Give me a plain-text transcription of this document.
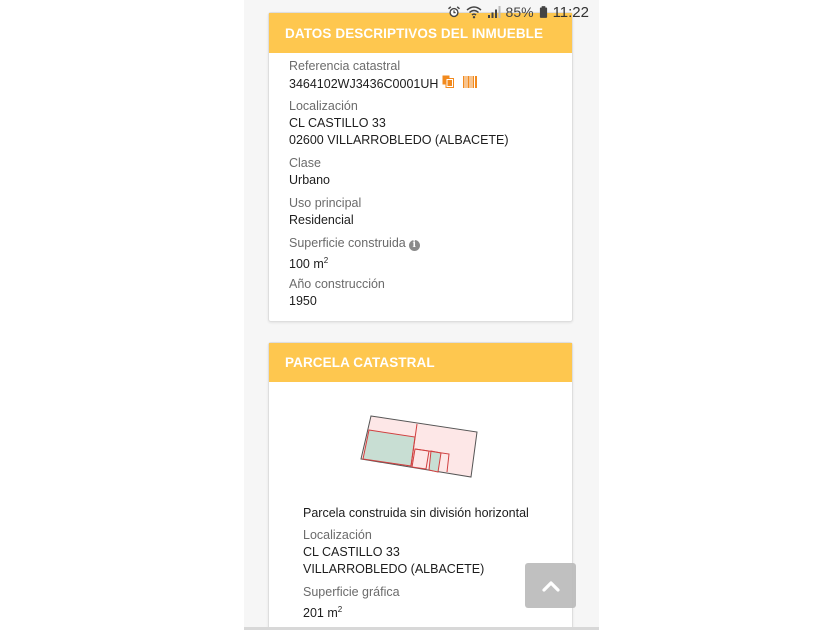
85% 11:22
DATOS DESCRIPTIVOS DEL INMUEBLE
Referencia catastral
3464102WJ3436C0001UH
Localización
CL CASTILLO 33
02600 VILLARROBLEDO (ALBACETE)
Clase
Urbano
Uso principal
Residencial
Superficie construida i
100 $m^2$
Año construcción
1950
PARCELA CATASTRAL
Parcela construida sin división horizontal
Localización
CL CASTILLO 33
VILLARROBLEDO (ALBACETE)
Superficie gráfica
201 $m^2$
